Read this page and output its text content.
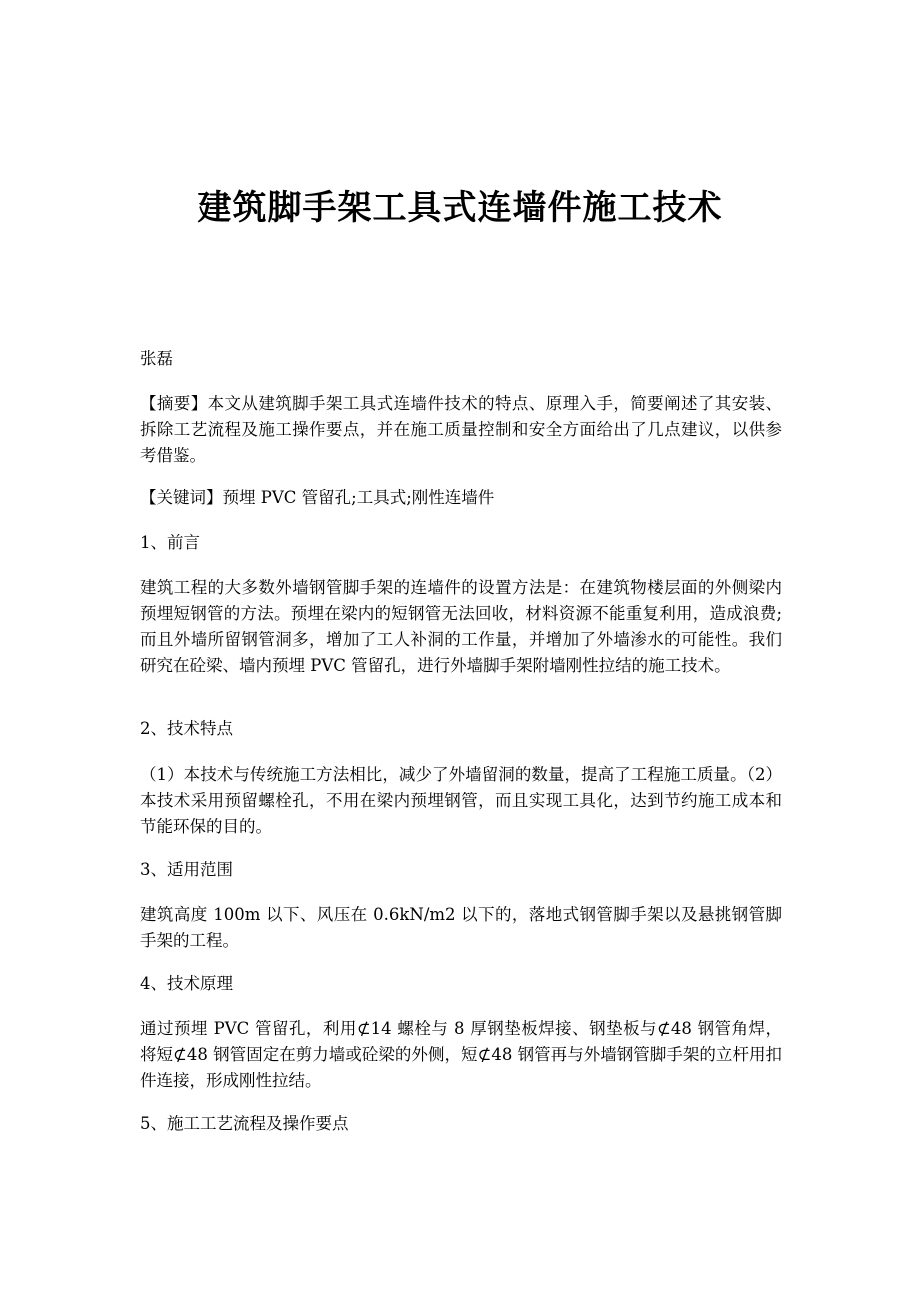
建筑脚手架工具式连墙件施工技术

张磊

【摘要】本文从建筑脚手架工具式连墙件技术的特点、原理入手，简要阐述了其安装、拆除工艺流程及施工操作要点，并在施工质量控制和安全方面给出了几点建议，以供参考借鉴。

【关键词】预埋 PVC 管留孔;工具式;刚性连墙件

1、前言

建筑工程的大多数外墙钢管脚手架的连墙件的设置方法是：在建筑物楼层面的外侧梁内预埋短钢管的方法。预埋在梁内的短钢管无法回收，材料资源不能重复利用，造成浪费;而且外墙所留钢管洞多，增加了工人补洞的工作量，并增加了外墙渗水的可能性。我们研究在砼梁、墙内预埋 PVC 管留孔，进行外墙脚手架附墙刚性拉结的施工技术。

2、技术特点

（1）本技术与传统施工方法相比，减少了外墙留洞的数量，提高了工程施工质量。（2）本技术采用预留螺栓孔，不用在梁内预埋钢管，而且实现工具化，达到节约施工成本和节能环保的目的。

3、适用范围

建筑高度 100m 以下、风压在 0.6kN/m2 以下的，落地式钢管脚手架以及悬挑钢管脚手架的工程。

4、技术原理

通过预埋 PVC 管留孔，利用⊄14 螺栓与 8 厚钢垫板焊接、钢垫板与⊄48 钢管角焊，将短⊄48 钢管固定在剪力墙或砼梁的外侧，短⊄48 钢管再与外墙钢管脚手架的立杆用扣件连接，形成刚性拉结。

5、施工工艺流程及操作要点
